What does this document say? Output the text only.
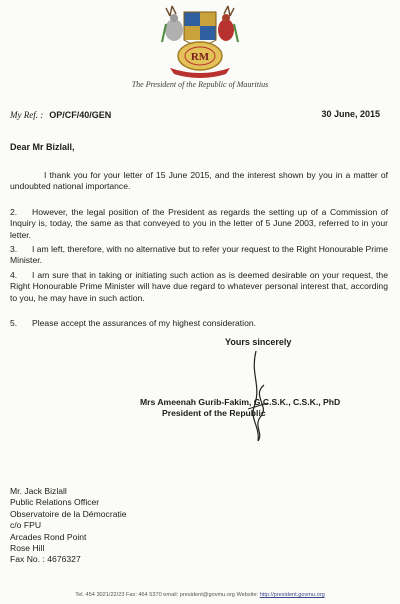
RM
The President of the Republic of Mauritius
My Ref. : OP/CF/40/GEN	30 June, 2015
Dear Mr Bizlall,

I thank you for your letter of 15 June 2015, and the interest shown by you in a matter of undoubted national importance.

2. However, the legal position of the President as regards the setting up of a Commission of Inquiry is, today, the same as that conveyed to you in the letter of 5 June 2003, referred to in your letter.

3. I am left, therefore, with no alternative but to refer your request to the Right Honourable Prime Minister.

4. I am sure that in taking or initiating such action as is deemed desirable on your request, the Right Honourable Prime Minister will have due regard to whatever personal interest that, according to you, he may have in such action.

5. Please accept the assurances of my highest consideration.

Yours sincerely
Mrs Ameenah Gurib-Fakim, G.C.S.K., C.S.K., PhD
President of the Republic
Mr. Jack Bizlall
Public Relations Officer
Observatoire de la Démocratie
c/o FPU
Arcades Rond Point
Rose Hill
Fax No. : 4676327
Tel. 454 3021/22/23 Fax: 464 5370 email: president@govmu.org Website: http://president.govmu.org
